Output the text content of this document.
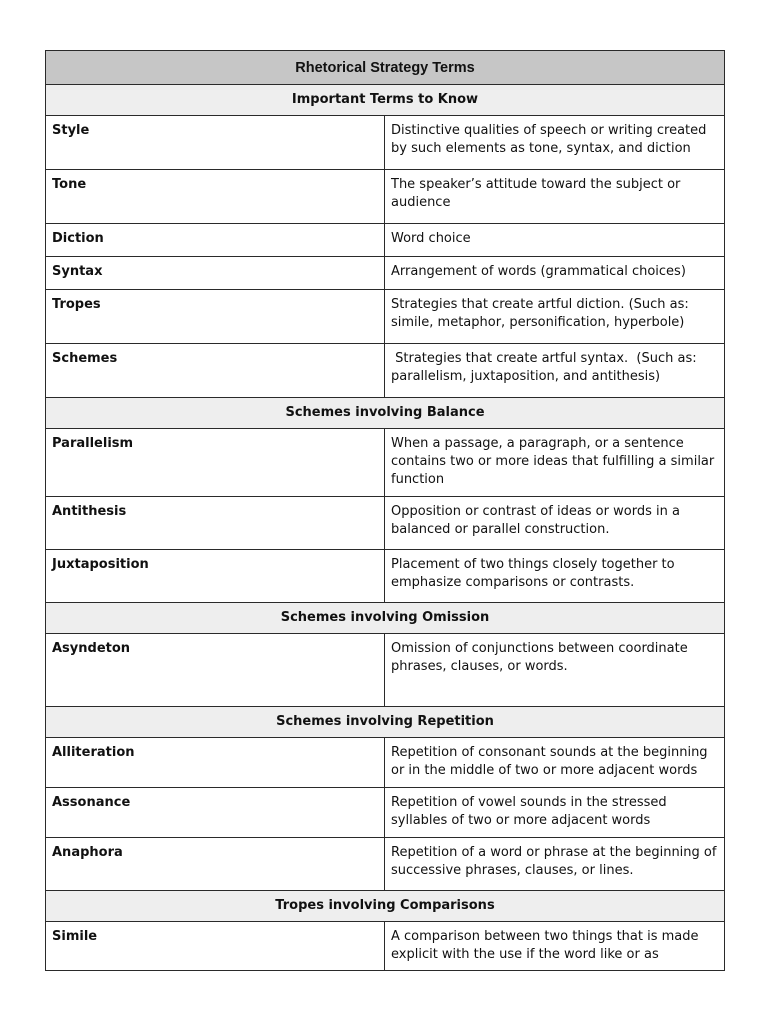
Rhetorical Strategy Terms	
Important Terms to Know	
Style	Distinctive qualities of speech or writing created by such elements as tone, syntax, and diction
Tone	The speaker’s attitude toward the subject or audience
Diction	Word choice
Syntax	Arrangement of words (grammatical choices)
Tropes	Strategies that create artful diction. (Such as: simile, metaphor, personification, hyperbole)
Schemes	Strategies that create artful syntax.  (Such as: parallelism, juxtaposition, and antithesis)
Schemes involving Balance	
Parallelism	When a passage, a paragraph, or a sentence contains two or more ideas that fulfilling a similar function
Antithesis	Opposition or contrast of ideas or words in a balanced or parallel construction.
Juxtaposition	Placement of two things closely together to emphasize comparisons or contrasts.
Schemes involving Omission	
Asyndeton	Omission of conjunctions between coordinate phrases, clauses, or words.
Schemes involving Repetition	
Alliteration	Repetition of consonant sounds at the beginning or in the middle of two or more adjacent words
Assonance	Repetition of vowel sounds in the stressed syllables of two or more adjacent words
Anaphora	Repetition of a word or phrase at the beginning of successive phrases, clauses, or lines.
Tropes involving Comparisons	
Simile	A comparison between two things that is made explicit with the use if the word like or as
